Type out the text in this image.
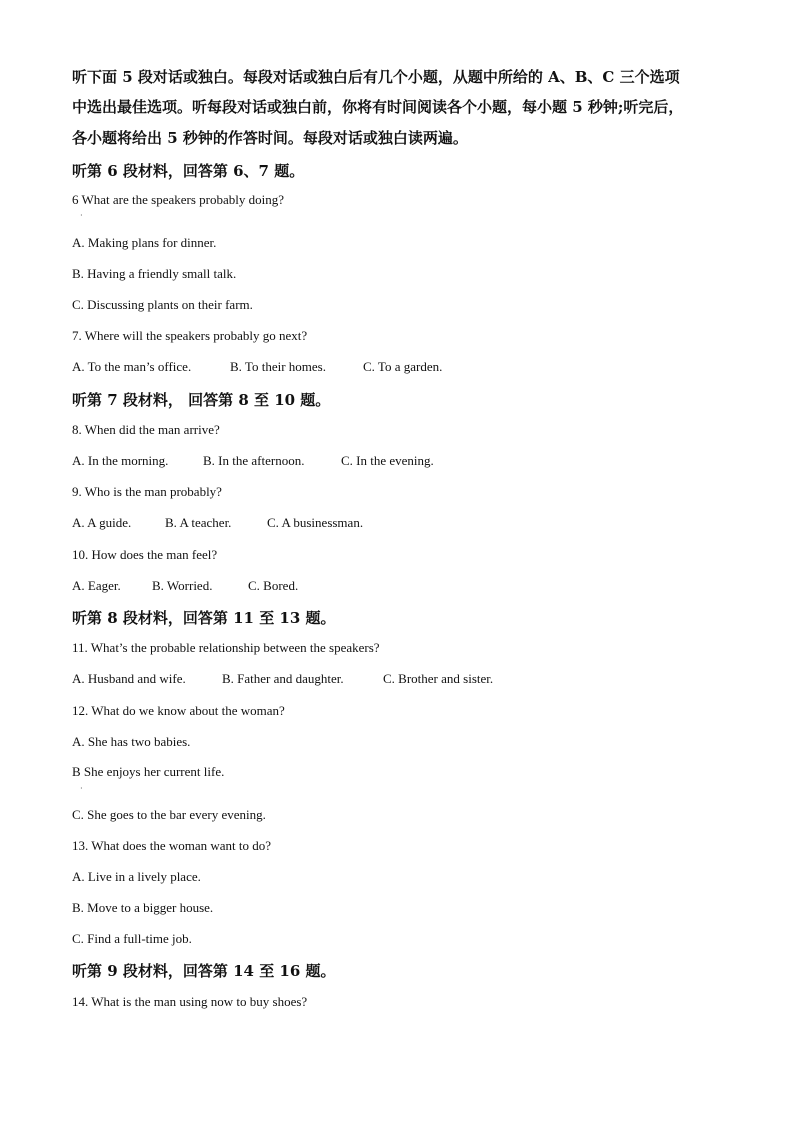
听下面 5 段对话或独白。每段对话或独白后有几个小题，从题中所给的 A、B、C 三个选项
中选出最佳选项。听每段对话或独白前，你将有时间阅读各个小题，每小题 5 秒钟;听完后，
各小题将给出 5 秒钟的作答时间。每段对话或独白读两遍。
听第 6 段材料，回答第 6、7 题。
6 What are the speakers probably doing?
·
A. Making plans for dinner.
B. Having a friendly small talk.
C. Discussing plants on their farm.
7. Where will the speakers probably go next?
A. To the man’s office.	B. To their homes.	C. To a garden.
听第 7 段材料， 回答第 8 至 10 题。
8. When did the man arrive?
A. In the morning.	B. In the afternoon.	C. In the evening.
9. Who is the man probably?
A. A guide.	B. A teacher.	C. A businessman.
10. How does the man feel?
A. Eager. B. Worried.	C. Bored.
听第 8 段材料，回答第 11 至 13 题。
11. What’s the probable relationship between the speakers?
A. Husband and wife.	B. Father and daughter.	C. Brother and sister.
12. What do we know about the woman?
A. She has two babies.
B She enjoys her current life.
·
C. She goes to the bar every evening.
13. What does the woman want to do?
A. Live in a lively place.
B. Move to a bigger house.
C. Find a full-time job.
听第 9 段材料，回答第 14 至 16 题。
14. What is the man using now to buy shoes?
